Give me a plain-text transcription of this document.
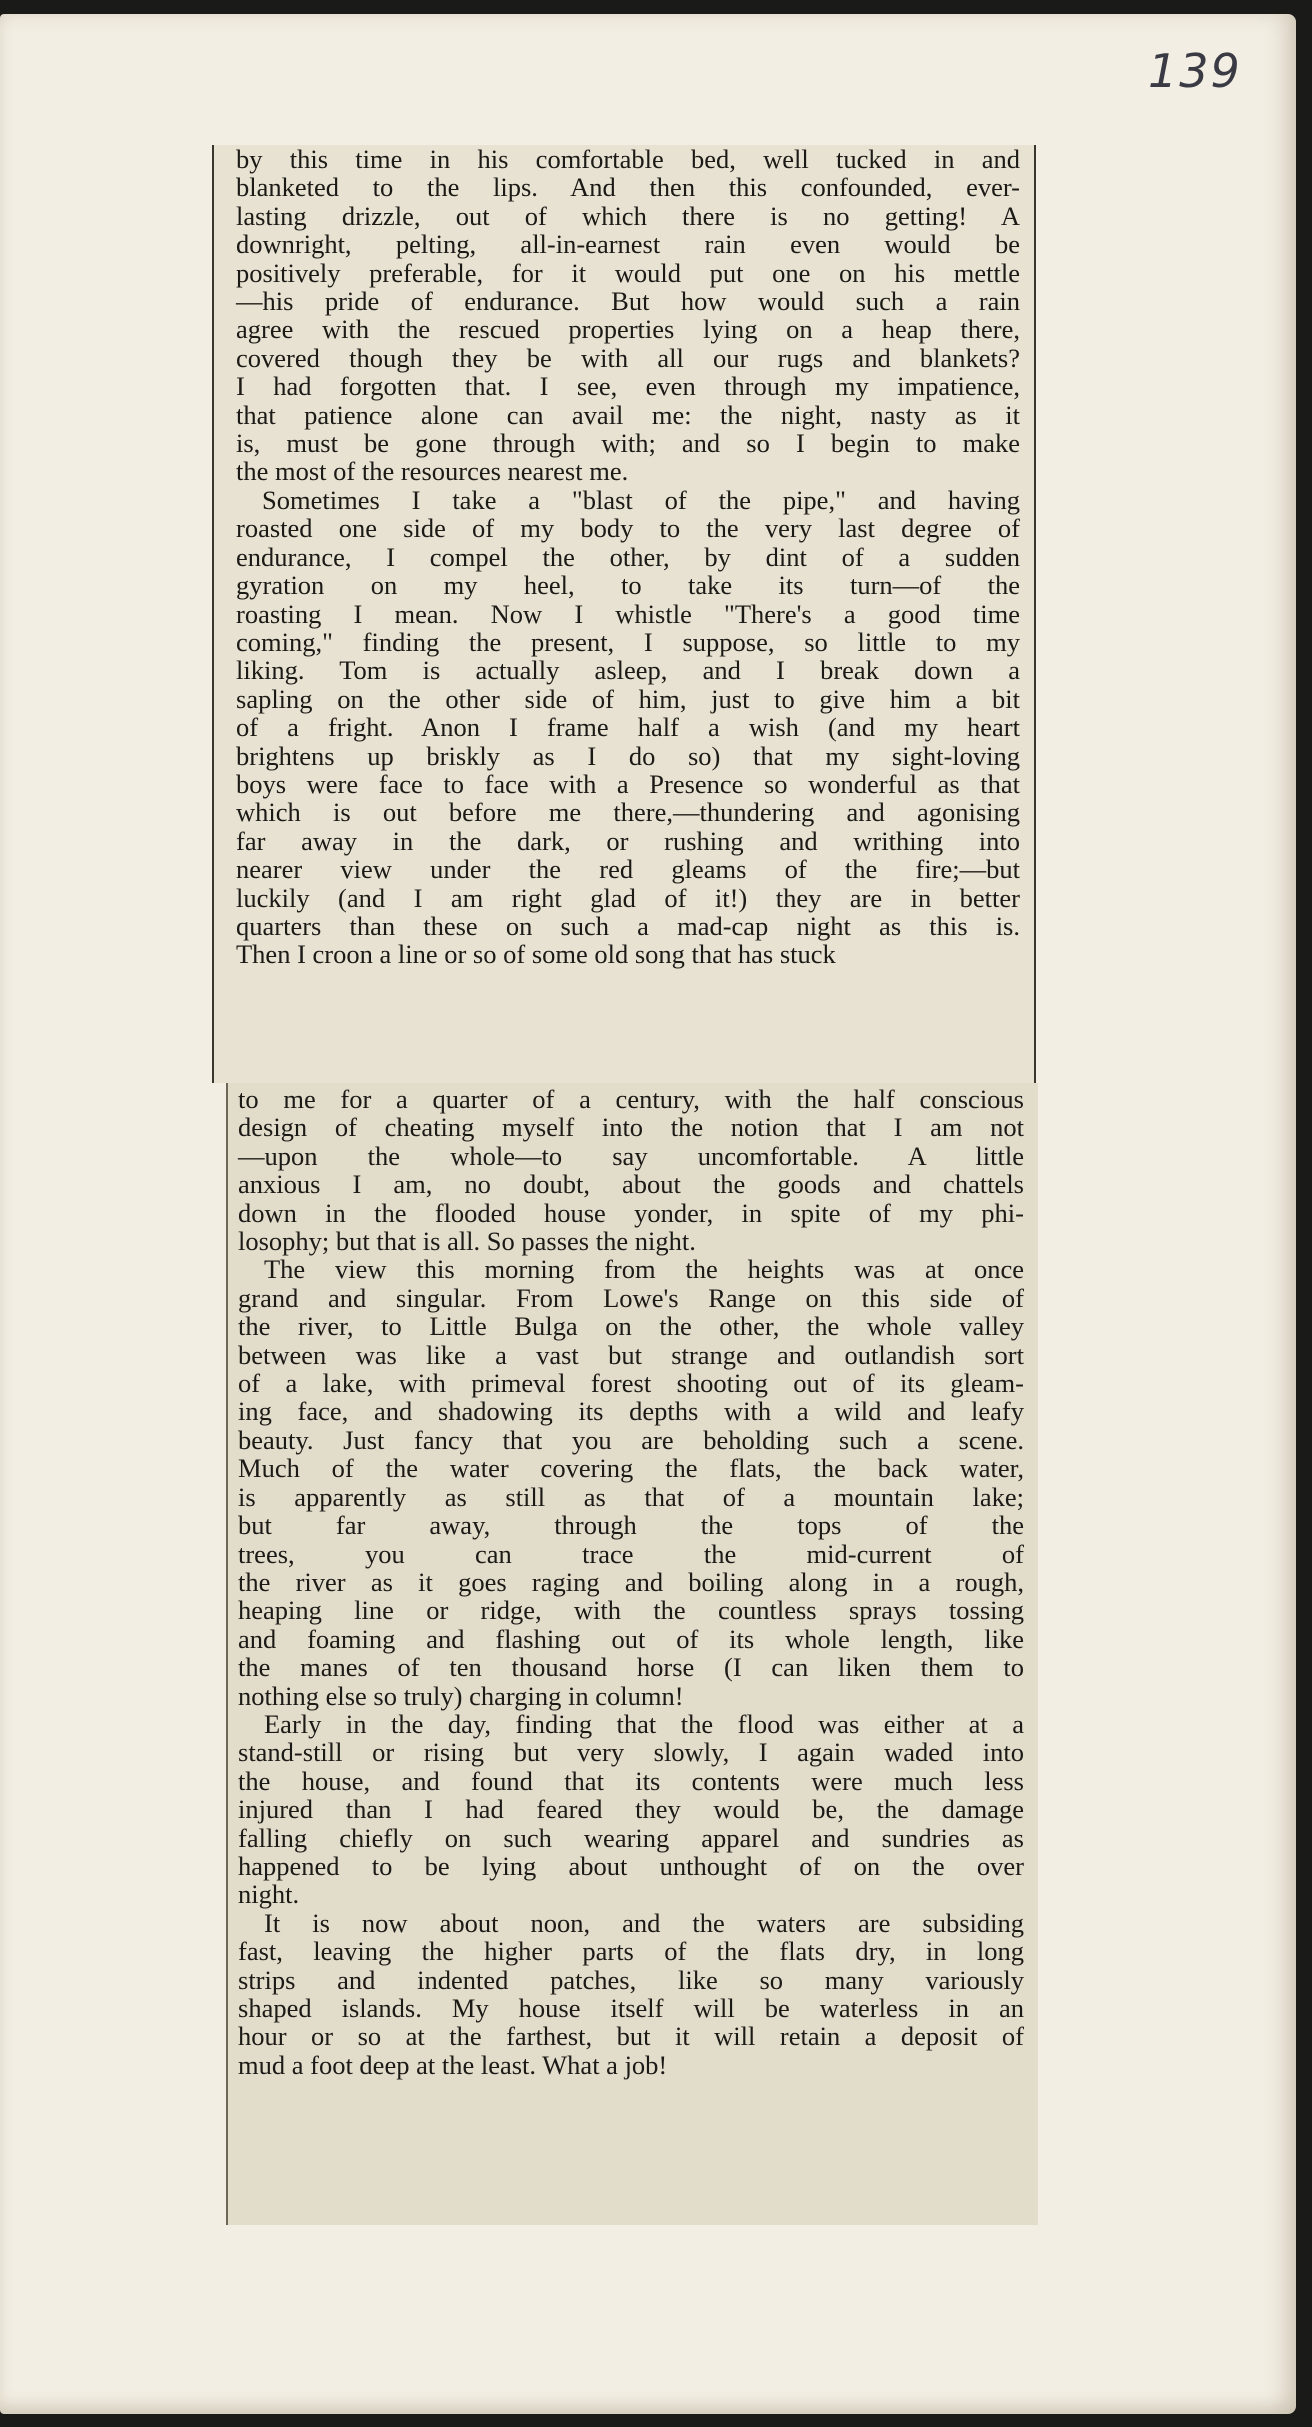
139

by this time in his comfortable bed, well tucked in and
blanketed to the lips. And then this confounded, ever-
lasting drizzle, out of which there is no getting! A
downright, pelting, all-in-earnest rain even would be
positively preferable, for it would put one on his mettle
—his pride of endurance. But how would such a rain
agree with the rescued properties lying on a heap there,
covered though they be with all our rugs and blankets?
I had forgotten that. I see, even through my impatience,
that patience alone can avail me: the night, nasty as it
is, must be gone through with; and so I begin to make
the most of the resources nearest me.

Sometimes I take a "blast of the pipe," and having
roasted one side of my body to the very last degree of
endurance, I compel the other, by dint of a sudden
gyration on my heel, to take its turn—of the
roasting I mean. Now I whistle "There's a good time
coming," finding the present, I suppose, so little to my
liking. Tom is actually asleep, and I break down a
sapling on the other side of him, just to give him a bit
of a fright. Anon I frame half a wish (and my heart
brightens up briskly as I do so) that my sight-loving
boys were face to face with a Presence so wonderful as that
which is out before me there,—thundering and agonising
far away in the dark, or rushing and writhing into
nearer view under the red gleams of the fire;—but
luckily (and I am right glad of it!) they are in better
quarters than these on such a mad-cap night as this is.
Then I croon a line or so of some old song that has stuck

to me for a quarter of a century, with the half conscious
design of cheating myself into the notion that I am not
—upon the whole—to say uncomfortable. A little
anxious I am, no doubt, about the goods and chattels
down in the flooded house yonder, in spite of my phi-
losophy; but that is all. So passes the night.

The view this morning from the heights was at once
grand and singular. From Lowe's Range on this side of
the river, to Little Bulga on the other, the whole valley
between was like a vast but strange and outlandish sort
of a lake, with primeval forest shooting out of its gleam-
ing face, and shadowing its depths with a wild and leafy
beauty. Just fancy that you are beholding such a scene.
Much of the water covering the flats, the back water,
is apparently as still as that of a mountain lake;
but far away, through the tops of the
trees, you can trace the mid-current of
the river as it goes raging and boiling along in a rough,
heaping line or ridge, with the countless sprays tossing
and foaming and flashing out of its whole length, like
the manes of ten thousand horse (I can liken them to
nothing else so truly) charging in column!

Early in the day, finding that the flood was either at a
stand-still or rising but very slowly, I again waded into
the house, and found that its contents were much less
injured than I had feared they would be, the damage
falling chiefly on such wearing apparel and sundries as
happened to be lying about unthought of on the over
night.

It is now about noon, and the waters are subsiding
fast, leaving the higher parts of the flats dry, in long
strips and indented patches, like so many variously
shaped islands. My house itself will be waterless in an
hour or so at the farthest, but it will retain a deposit of
mud a foot deep at the least. What a job!
